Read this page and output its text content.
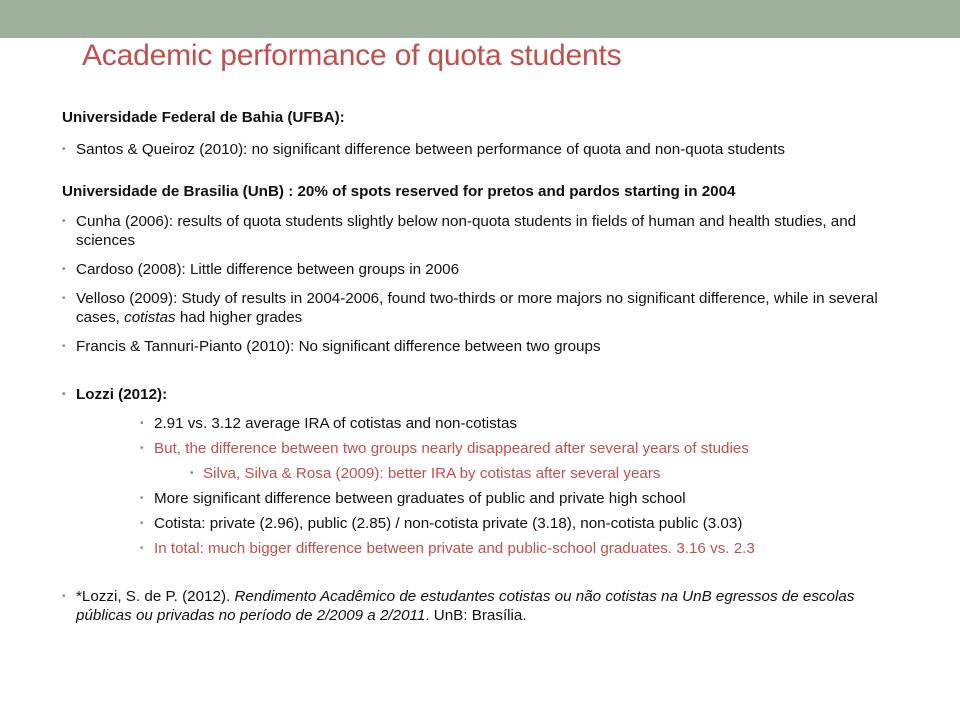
Academic performance of quota students

Universidade Federal de Bahia (UFBA):

• Santos & Queiroz (2010): no significant difference between performance of quota and non-quota students

Universidade de Brasilia (UnB) : 20% of spots reserved for pretos and pardos starting in 2004

• Cunha (2006): results of quota students slightly below non-quota students in fields of human and health studies, and sciences

• Cardoso (2008): Little difference between groups in 2006

• Velloso (2009): Study of results in 2004-2006, found two-thirds or more majors no significant difference, while in several cases, cotistas had higher grades

• Francis & Tannuri-Pianto (2010): No significant difference between two groups

• Lozzi (2012):

• 2.91 vs. 3.12 average IRA of cotistas and non-cotistas

• But, the difference between two groups nearly disappeared after several years of studies

• Silva, Silva & Rosa (2009): better IRA by cotistas after several years

• More significant difference between graduates of public and private high school

• Cotista: private (2.96), public (2.85) / non-cotista private (3.18), non-cotista public (3.03)

• In total: much bigger difference between private and public-school graduates. 3.16 vs. 2.3

• *Lozzi, S. de P. (2012). Rendimento Acadêmico de estudantes cotistas ou não cotistas na UnB egressos de escolas públicas ou privadas no período de 2/2009 a 2/2011. UnB: Brasília.
